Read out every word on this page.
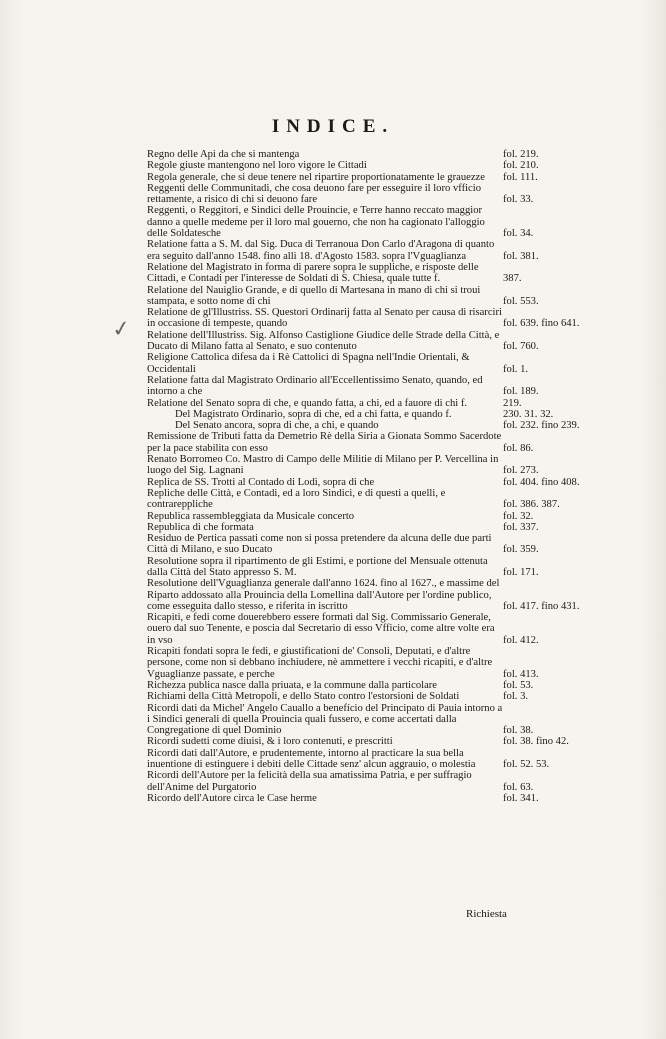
✓
INDICE.

Regno delle Api da che si mantenga	fol. 219.

Regole giuste mantengono nel loro vigore le Cittadi	fol. 210.

Regola generale, che si deue tenere nel ripartire proportionatamente le grauezze	fol. 111.

Reggenti delle Communitadi, che cosa deuono fare per esseguire il loro vfficio rettamente, a risico di chi si deuono fare	fol. 33.

Reggenti, o Reggitori, e Sindici delle Prouincie, e Terre hanno reccato maggior danno a quelle medeme per il loro mal gouerno, che non ha cagionato l'alloggio delle Soldatesche	fol. 34.

Relatione fatta a S. M. dal Sig. Duca di Terranoua Don Carlo d'Aragona di quanto era seguito dall'anno 1548. fino alli 18. d'Agosto 1583. sopra l'Vguaglianza	fol. 381.

Relatione del Magistrato in forma di parere sopra le suppliche, e risposte delle Cittadi, e Contadi per l'interesse de Soldati di S. Chiesa, quale tutte f.	387.

Relatione del Nauiglio Grande, e di quello di Martesana in mano di chi si troui stampata, e sotto nome di chi	fol. 553.

Relatione de gl'Illustriss. SS. Questori Ordinarij fatta al Senato per causa di risarciri in occasione di tempeste, quando	fol. 639. fino 641.

Relatione dell'Illustriss. Sig. Alfonso Castiglione Giudice delle Strade della Città, e Ducato di Milano fatta al Senato, e suo contenuto	fol. 760.

Religione Cattolica difesa da i Rè Cattolici di Spagna nell'Indie Orientali, & Occidentali	fol. 1.

Relatione fatta dal Magistrato Ordinario all'Eccellentissimo Senato, quando, ed intorno a che	fol. 189.

Relatione del Senato sopra di che, e quando fatta, a chi, ed a fauore di chi f.	219.

Del Magistrato Ordinario, sopra di che, ed a chi fatta, e quando f.	230. 31. 32.

Del Senato ancora, sopra di che, a chi, e quando	fol. 232. fino 239.

Remissione de Tributi fatta da Demetrio Rè della Siria a Gionata Sommo Sacerdote per la pace stabilita con esso	fol. 86.

Renato Borromeo Co. Mastro di Campo delle Militie di Milano per P. Vercellina in luogo del Sig. Lagnani	fol. 273.

Replica de SS. Trotti al Contado di Lodi, sopra di che	fol. 404. fino 408.

Repliche delle Città, e Contadi, ed a loro Sindici, e di questi a quelli, e contrareppliche	fol. 386. 387.

Republica rassembleggiata da Musicale concerto	fol. 32.

Republica di che formata	fol. 337.

Residuo de Pertica passati come non si possa pretendere da alcuna delle due parti Città di Milano, e suo Ducato	fol. 359.

Resolutione sopra il ripartimento de gli Estimi, e portione del Mensuale ottenuta dalla Città del Stato appresso S. M.	fol. 171.

Resolutione dell'Vguaglianza generale dall'anno 1624. fino al 1627., e massime del Riparto addossato alla Prouincia della Lomellina dall'Autore per l'ordine publico, come esseguita dallo stesso, e riferita in iscritto	fol. 417. fino 431.

Ricapiti, e fedi come douerebbero essere formati dal Sig. Commissario Generale, ouero dal suo Tenente, e poscia dal Secretario di esso Vfficio, come altre volte era in vso	fol. 412.

Ricapiti fondati sopra le fedi, e giustificationi de' Consoli, Deputati, e d'altre persone, come non si debbano inchiudere, nè ammettere i vecchi ricapiti, e d'altre Vguaglianze passate, e perche	fol. 413.

Richezza publica nasce dalla priuata, e la commune dalla particolare	fol. 53.

Richiami della Città Metropoli, e dello Stato contro l'estorsioni de Soldati	fol. 3.

Ricordi dati da Michel' Angelo Cauallo a benefício del Principato di Pauia intorno a i Sindici generali di quella Prouincia quali fussero, e come accertati dalla Congregatione di quel Dominio	fol. 38.

Ricordi sudetti come diuisi, & i loro contenuti, e prescritti	fol. 38. fino 42.

Ricordi dati dall'Autore, e prudentemente, intorno al practicare la sua bella inuentione di estinguere i debiti delle Cittade senz' alcun aggrauio, o molestia	fol. 52. 53.

Ricordi dell'Autore per la felicità della sua amatissima Patria, e per suffragio dell'Anime del Purgatorio	fol. 63.

Ricordo dell'Autore circa le Case herme	fol. 341.

Richiesta
